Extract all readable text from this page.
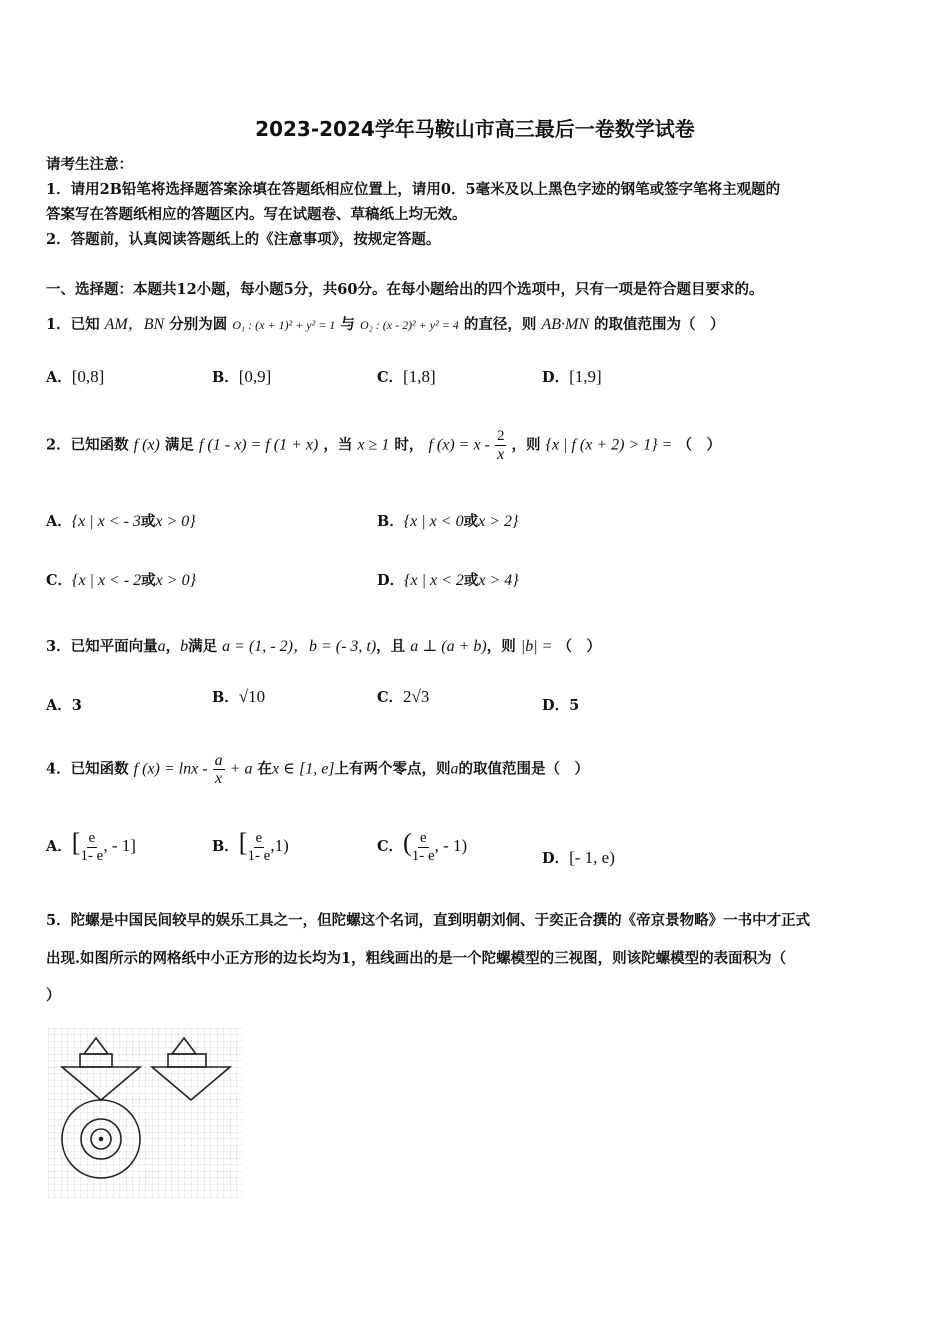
2023-2024学年马鞍山市高三最后一卷数学试卷
请考生注意：
1．请用2B铅笔将选择题答案涂填在答题纸相应位置上，请用0．5毫米及以上黑色字迹的钢笔或签字笔将主观题的
答案写在答题纸相应的答题区内。写在试题卷、草稿纸上均无效。
2．答题前，认真阅读答题纸上的《注意事项》，按规定答题。
一、选择题：本题共12小题，每小题5分，共60分。在每小题给出的四个选项中，只有一项是符合题目要求的。
1．已知 AM，BN 分别为圆 O₁ : (x + 1)² + y² = 1 与 O₂ : (x - 2)² + y² = 4 的直径，则 AB·MN 的取值范围为（　）
A．[0,8]	B．[0,9]	C．[1,8]	D．[1,9]
2．已知函数 f (x) 满足 f (1 - x) = f (1 + x) ，当 x ≥ 1 时， f $(x) = x - \frac{2}{x}$ ，则 {x | f (x + 2) > 1} = （　）
A．{x | x < - 3或x > 0}	B．{x | x < 0或x > 2}
C．{x | x < - 2或x > 0}	D．{x | x < 2或x > 4}
3．已知平面向量a，b满足 a = (1, - 2)，b = (- 3, t)，且 a ⊥ (a + b)，则 |b| = （　）
A．3	B．√10	C．2√3	D．5
4．已知函数 f $(x) = \ln x - \frac{a}{x} + a$ 在x ∈ [1, e]上有两个零点，则a的取值范围是（　）
A．[ $\frac{e}{1- e}$ , - 1]	B．[ $\frac{e}{1- e} ,1$)	C．( $\frac{e}{1- e}$ , - 1)
D．[- 1, e)
5．陀螺是中国民间较早的娱乐工具之一，但陀螺这个名词，直到明朝刘侗、于奕正合撰的《帝京景物略》一书中才正式
出现.如图所示的网格纸中小正方形的边长均为1，粗线画出的是一个陀螺模型的三视图，则该陀螺模型的表面积为（
）
